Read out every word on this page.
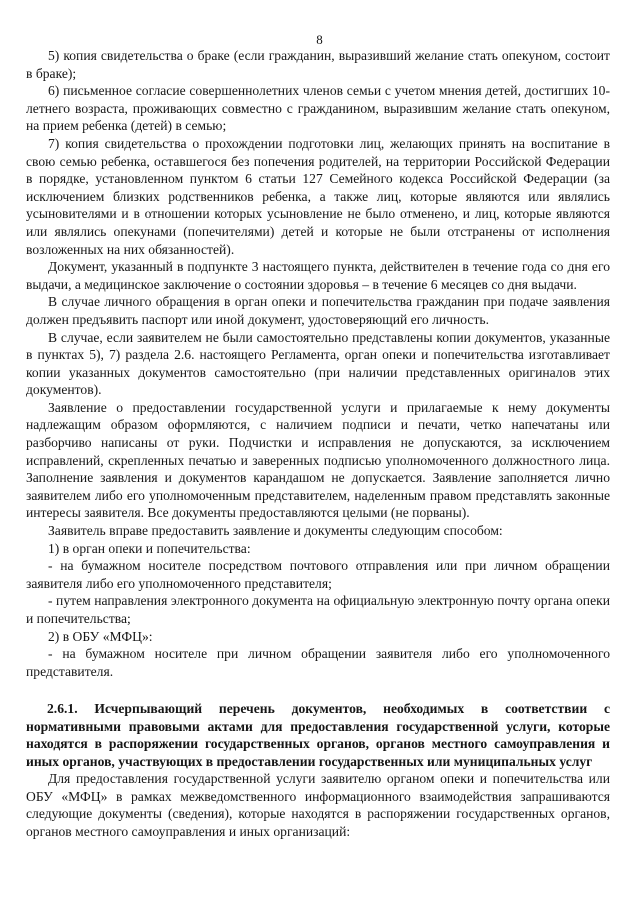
8

5) копия свидетельства о браке (если гражданин, выразивший желание стать опекуном, состоит в браке);

6) письменное согласие совершеннолетних членов семьи с учетом мнения детей, достигших 10-летнего возраста, проживающих совместно с гражданином, выразившим желание стать опекуном, на прием ребенка (детей) в семью;

7) копия свидетельства о прохождении подготовки лиц, желающих принять на воспитание в свою семью ребенка, оставшегося без попечения родителей, на территории Российской Федерации в порядке, установленном пунктом 6 статьи 127 Семейного кодекса Российской Федерации (за исключением близких родственников ребенка, а также лиц, которые являются или являлись усыновителями и в отношении которых усыновление не было отменено, и лиц, которые являются или являлись опекунами (попечителями) детей и которые не были отстранены от исполнения возложенных на них обязанностей).

Документ, указанный в подпункте 3 настоящего пункта, действителен в течение года со дня его выдачи, а медицинское заключение о состоянии здоровья – в течение 6 месяцев со дня выдачи.

В случае личного обращения в орган опеки и попечительства гражданин при подаче заявления должен предъявить паспорт или иной документ, удостоверяющий его личность.

В случае, если заявителем не были самостоятельно представлены копии документов, указанные в пунктах 5), 7) раздела 2.6. настоящего Регламента, орган опеки и попечительства изготавливает копии указанных документов самостоятельно (при наличии представленных оригиналов этих документов).

Заявление о предоставлении государственной услуги и прилагаемые к нему документы надлежащим образом оформляются, с наличием подписи и печати, четко напечатаны или разборчиво написаны от руки. Подчистки и исправления не допускаются, за исключением исправлений, скрепленных печатью и заверенных подписью уполномоченного должностного лица. Заполнение заявления и документов карандашом не допускается. Заявление заполняется лично заявителем либо его уполномоченным представителем, наделенным правом представлять законные интересы заявителя. Все документы предоставляются целыми (не порваны).

Заявитель вправе предоставить заявление и документы следующим способом:

1) в орган опеки и попечительства:

- на бумажном носителе посредством почтового отправления или при личном обращении заявителя либо его уполномоченного представителя;

- путем направления электронного документа на официальную электронную почту органа опеки и попечительства;

2) в ОБУ «МФЦ»:

- на бумажном носителе при личном обращении заявителя либо его уполномоченного представителя.

2.6.1. Исчерпывающий перечень документов, необходимых в соответствии с нормативными правовыми актами для предоставления государственной услуги, которые находятся в распоряжении государственных органов, органов местного самоуправления и иных органов, участвующих в предоставлении государственных или муниципальных услуг

Для предоставления государственной услуги заявителю органом опеки и попечительства или ОБУ «МФЦ» в рамках межведомственного информационного взаимодействия запрашиваются следующие документы (сведения), которые находятся в распоряжении государственных органов, органов местного самоуправления и иных организаций:
